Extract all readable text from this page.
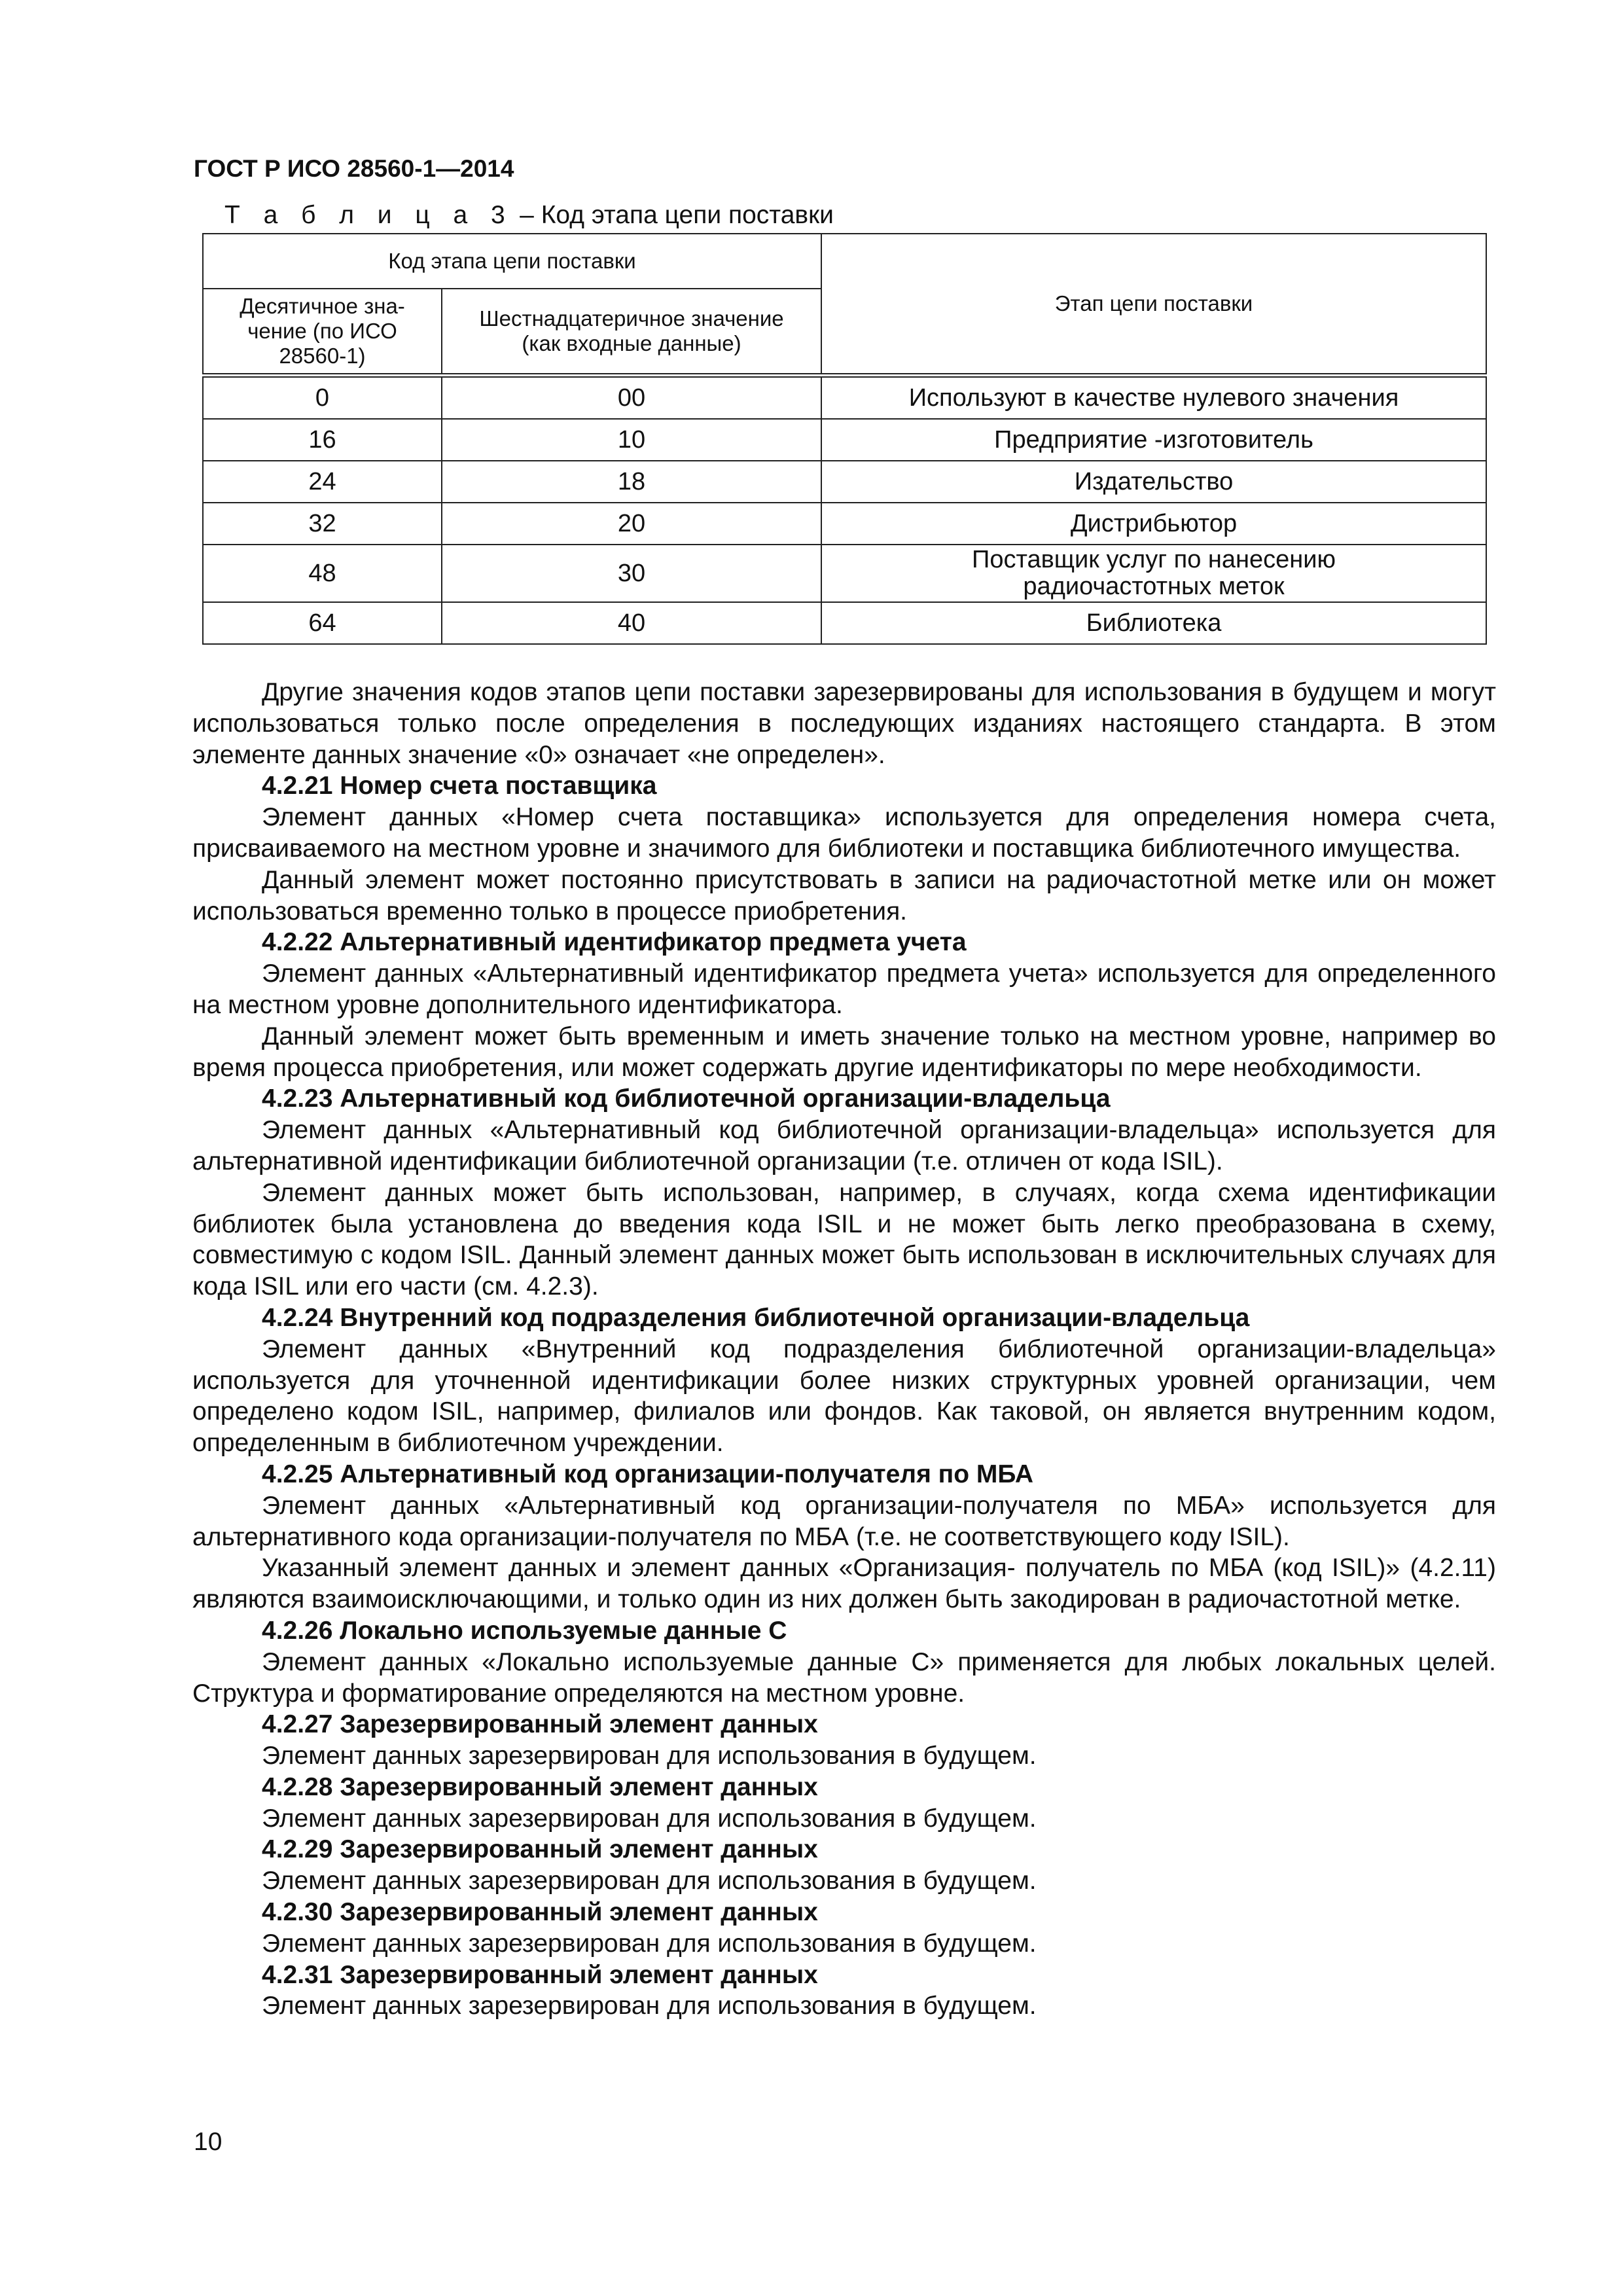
ГОСТ Р ИСО 28560-1—2014
Т а б л и ц а 3 – Код этапа цепи поставки
Код этапа цепи поставки		Этап цепи поставки
Десятичное зна-
чение (по ИСО
28560-1)	Шестнадцатеричное значение
(как входные данные)	
0	00	Используют в качестве нулевого значения
16	10	Предприятие -изготовитель
24	18	Издательство
32	20	Дистрибьютор
48	30	Поставщик услуг по нанесению
радиочастотных меток
64	40	Библиотека

Другие значения кодов этапов цепи поставки зарезервированы для использования в будущем и могут использоваться только после определения в последующих изданиях настоящего стандарта. В этом элементе данных значение «0» означает «не определен».

4.2.21 Номер счета поставщика

Элемент данных «Номер счета поставщика» используется для определения номера счета, присваиваемого на местном уровне и значимого для библиотеки и поставщика библиотечного имущества.

Данный элемент может постоянно присутствовать в записи на радиочастотной метке или он может использоваться временно только в процессе приобретения.

4.2.22 Альтернативный идентификатор предмета учета

Элемент данных «Альтернативный идентификатор предмета учета» используется для определенного на местном уровне дополнительного идентификатора.

Данный элемент может быть временным и иметь значение только на местном уровне, например во время процесса приобретения, или может содержать другие идентификаторы по мере необходимости.

4.2.23 Альтернативный код библиотечной организации-владельца

Элемент данных «Альтернативный код библиотечной организации-владельца» используется для альтернативной идентификации библиотечной организации (т.е. отличен от кода ISIL).

Элемент данных может быть использован, например, в случаях, когда схема идентификации библиотек была установлена до введения кода ISIL и не может быть легко преобразована в схему, совместимую с кодом ISIL. Данный элемент данных может быть использован в исключительных случаях для кода ISIL или его части (см. 4.2.3).

4.2.24 Внутренний код подразделения библиотечной организации-владельца

Элемент данных «Внутренний код подразделения библиотечной организации-владельца» используется для уточненной идентификации более низких структурных уровней организации, чем определено кодом ISIL, например, филиалов или фондов. Как таковой, он является внутренним кодом, определенным в библиотечном учреждении.

4.2.25 Альтернативный код организации-получателя по МБА

Элемент данных «Альтернативный код организации-получателя по МБА» используется для альтернативного кода организации-получателя по МБА (т.е. не соответствующего коду ISIL).

Указанный элемент данных и элемент данных «Организация- получатель по МБА (код ISIL)» (4.2.11) являются взаимоисключающими, и только один из них должен быть закодирован в радиочастотной метке.

4.2.26 Локально используемые данные С

Элемент данных «Локально используемые данные С» применяется для любых локальных целей. Структура и форматирование определяются на местном уровне.

4.2.27 Зарезервированный элемент данных

Элемент данных зарезервирован для использования в будущем.

4.2.28 Зарезервированный элемент данных

Элемент данных зарезервирован для использования в будущем.

4.2.29 Зарезервированный элемент данных

Элемент данных зарезервирован для использования в будущем.

4.2.30 Зарезервированный элемент данных

Элемент данных зарезервирован для использования в будущем.

4.2.31 Зарезервированный элемент данных

Элемент данных зарезервирован для использования в будущем.

10
